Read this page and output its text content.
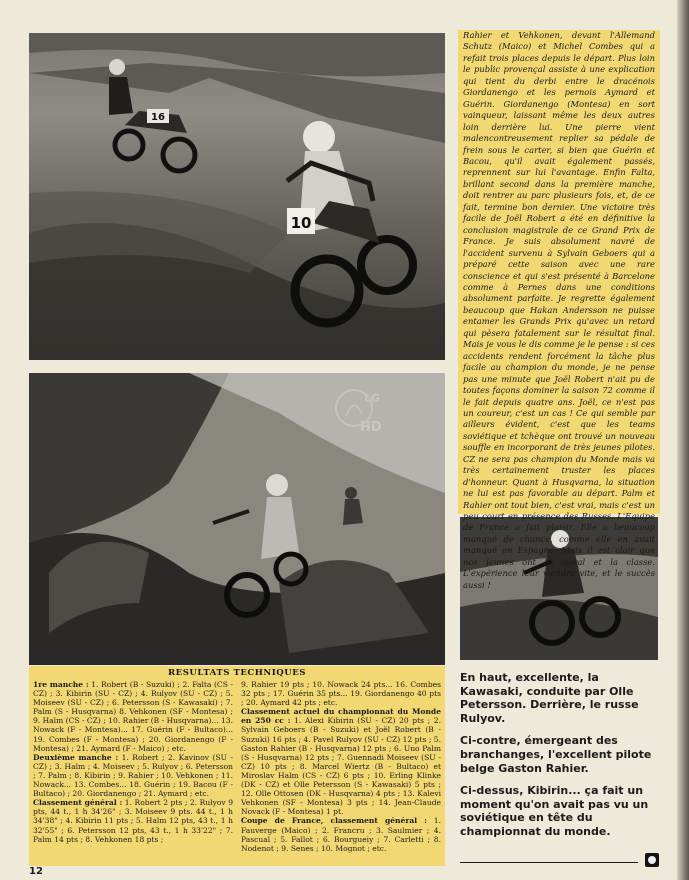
16
10
LG
HD

Rahier et Vehkonen, devant l'Allemand Schutz (Maico) et Michel Combes qui a refait trois places depuis le départ. Plus loin le public provençal assiste à une explication qui tient du derbi entre le dracénois Giordanengo et les pernois Aymard et Guérin. Giordanengo (Montesa) en sort vainqueur, laissant même les deux autres loin derrière lui. Une pierre vient malencontreusement replier sa pédale de frein sous le carter, si bien que Guérin et Bacou, qu'il avait également passés, reprennent sur lui l'avantage. Enfin Falta, brillant second dans la première manche, doit rentrer au parc plusieurs fois, et, de ce fait, termine bon dernier. Une victoire très facile de Joël Robert a été en définitive la conclusion magistrale de ce Grand Prix de France. Je suis absolument navré de l'accident survenu à Sylvain Geboers qui a préparé cette saison avec une rare conscience et qui s'est présenté à Barcelone comme à Pernes dans une conditions absolument parfaite. Je regrette également beaucoup que Hakan Andersson ne puisse entamer les Grands Prix qu'avec un retard qui pèsera fatalement sur le résultat final. Mais je vous le dis comme je le pense : si ces accidents rendent forcément la tâche plus facile au champion du monde, je ne pense pas une minute que Joël Robert n'ait pu de toutes façons dominer la saison 72 comme il le fait depuis quatre ans. Joël, ce n'est pas un coureur, c'est un cas ! Ce qui semble par ailleurs évident, c'est que les teams soviétique et tchèque ont trouvé un nouveau souffle en incorporant de très jeunes pilotes. CZ ne sera pas champion du Monde mais va très certainement truster les places d'honneur. Quant à Husqvarna, la situation ne lui est pas favorable au départ. Palm et Rahier ont tout bien, c'est vrai, mais c'est un peu court en présence des Russes. L'Equipe de France a fait plaisir. Elle a beaucoup manqué de chance, comme elle en avait manqué en Espagne. Mais il est clair que nos jeunes ont le moral et la classe. L'expérience leur viendra vite, et le succès aussi !

RESULTATS TECHNIQUES

1re manche : 1. Robert (B - Suzuki) ; 2. Falta (CS - CZ) ; 3. Kibirin (SU - CZ) ; 4. Rulyov (SU - CZ) ; 5. Moiseev (SU - CZ) ; 6. Petersson (S - Kawasaki) ; 7. Palm (S - Husqvarna) 8. Vehkonen (SF - Montesa) ; 9. Halm (CS - CZ) ; 10. Rahier (B - Husqvarna)... 13. Nowack (F - Montesa)... 17. Guérin (F - Bultaco)... 19. Combes (F - Montesa) ; 20. Giordanengo (F - Montesa) ; 21. Aymard (F - Maico) ; etc.

Deuxième manche : 1. Robert ; 2. Kavinov (SU - CZ) ; 3. Halm ; 4. Moiseev ; 5. Rulyov ; 6. Petersson ; 7. Palm ; 8. Kibirin ; 9. Rahier ; 10. Vehkonen ; 11. Nowack... 13. Combes... 18. Guérin ; 19. Bacou (F - Bultaco) ; 20. Giordanengo ; 21. Aymard ; etc.

Classement général : 1. Robert 2 pts ; 2. Rulyov 9 pts, 44 t., 1 h 34'26" ; 3. Moiseev 9 pts. 44 t., 1 h 34'38" ; 4. Kibirin 11 pts ; 5. Halm 12 pts, 43 t., 1 h 32'55" ; 6. Petersson 12 pts, 43 t., 1 h 33'22" ; 7. Palm 14 pts ; 8. Vehkonen 18 pts ;

9. Rahier 19 pts ; 10. Nowack 24 pts... 16. Combes 32 pts ; 17. Guérin 35 pts... 19. Giordanengo 40 pts ; 20. Aymard 42 pts ; etc.

Classement actuel du championnat du Monde en 250 cc : 1. Alexi Kibirin (SU - CZ) 20 pts ; 2. Sylvain Geboers (B - Suzuki) et Joël Robert (B - Suzuki) 16 pts ; 4. Pavel Rulyov (SU - CZ) 12 pts ; 5. Gaston Rahier (B - Husqvarna) 12 pts ; 6. Uno Palm (S - Husqvarna) 12 pts ; 7. Guennadi Moiseev (SU - CZ) 10 pts ; 8. Marcel Wiertz (B - Bultaco) et Miroslav Halm (CS - CZ) 6 pts ; 10. Erling Klinke (DK - CZ) et Olle Petersson (S - Kawasaki) 5 pts ; 12. Olle Ottosen (DK - Husqvarna) 4 pts ; 13. Kalevi Vehkonen (SF - Montesa) 3 pts ; 14. Jean-Claude Novack (F - Montesa) 1 pt.

Coupe de France, classement général : 1. Fauverge (Maico) ; 2. Francru ; 3. Saulmier ; 4. Pascual ; 5. Fallot ; 6. Bourgueiy ; 7. Carletti ; 8. Nodenot ; 9. Senes ; 10. Mognot ; etc.

En haut, excellente, la Kawasaki, conduite par Olle Petersson. Derrière, le russe Rulyov.

Ci-contre, émergeant des branchanges, l'excellent pilote belge Gaston Rahier.

Ci-dessus, Kibirin... ça fait un moment qu'on avait pas vu un soviétique en tête du championnat du monde.

12
